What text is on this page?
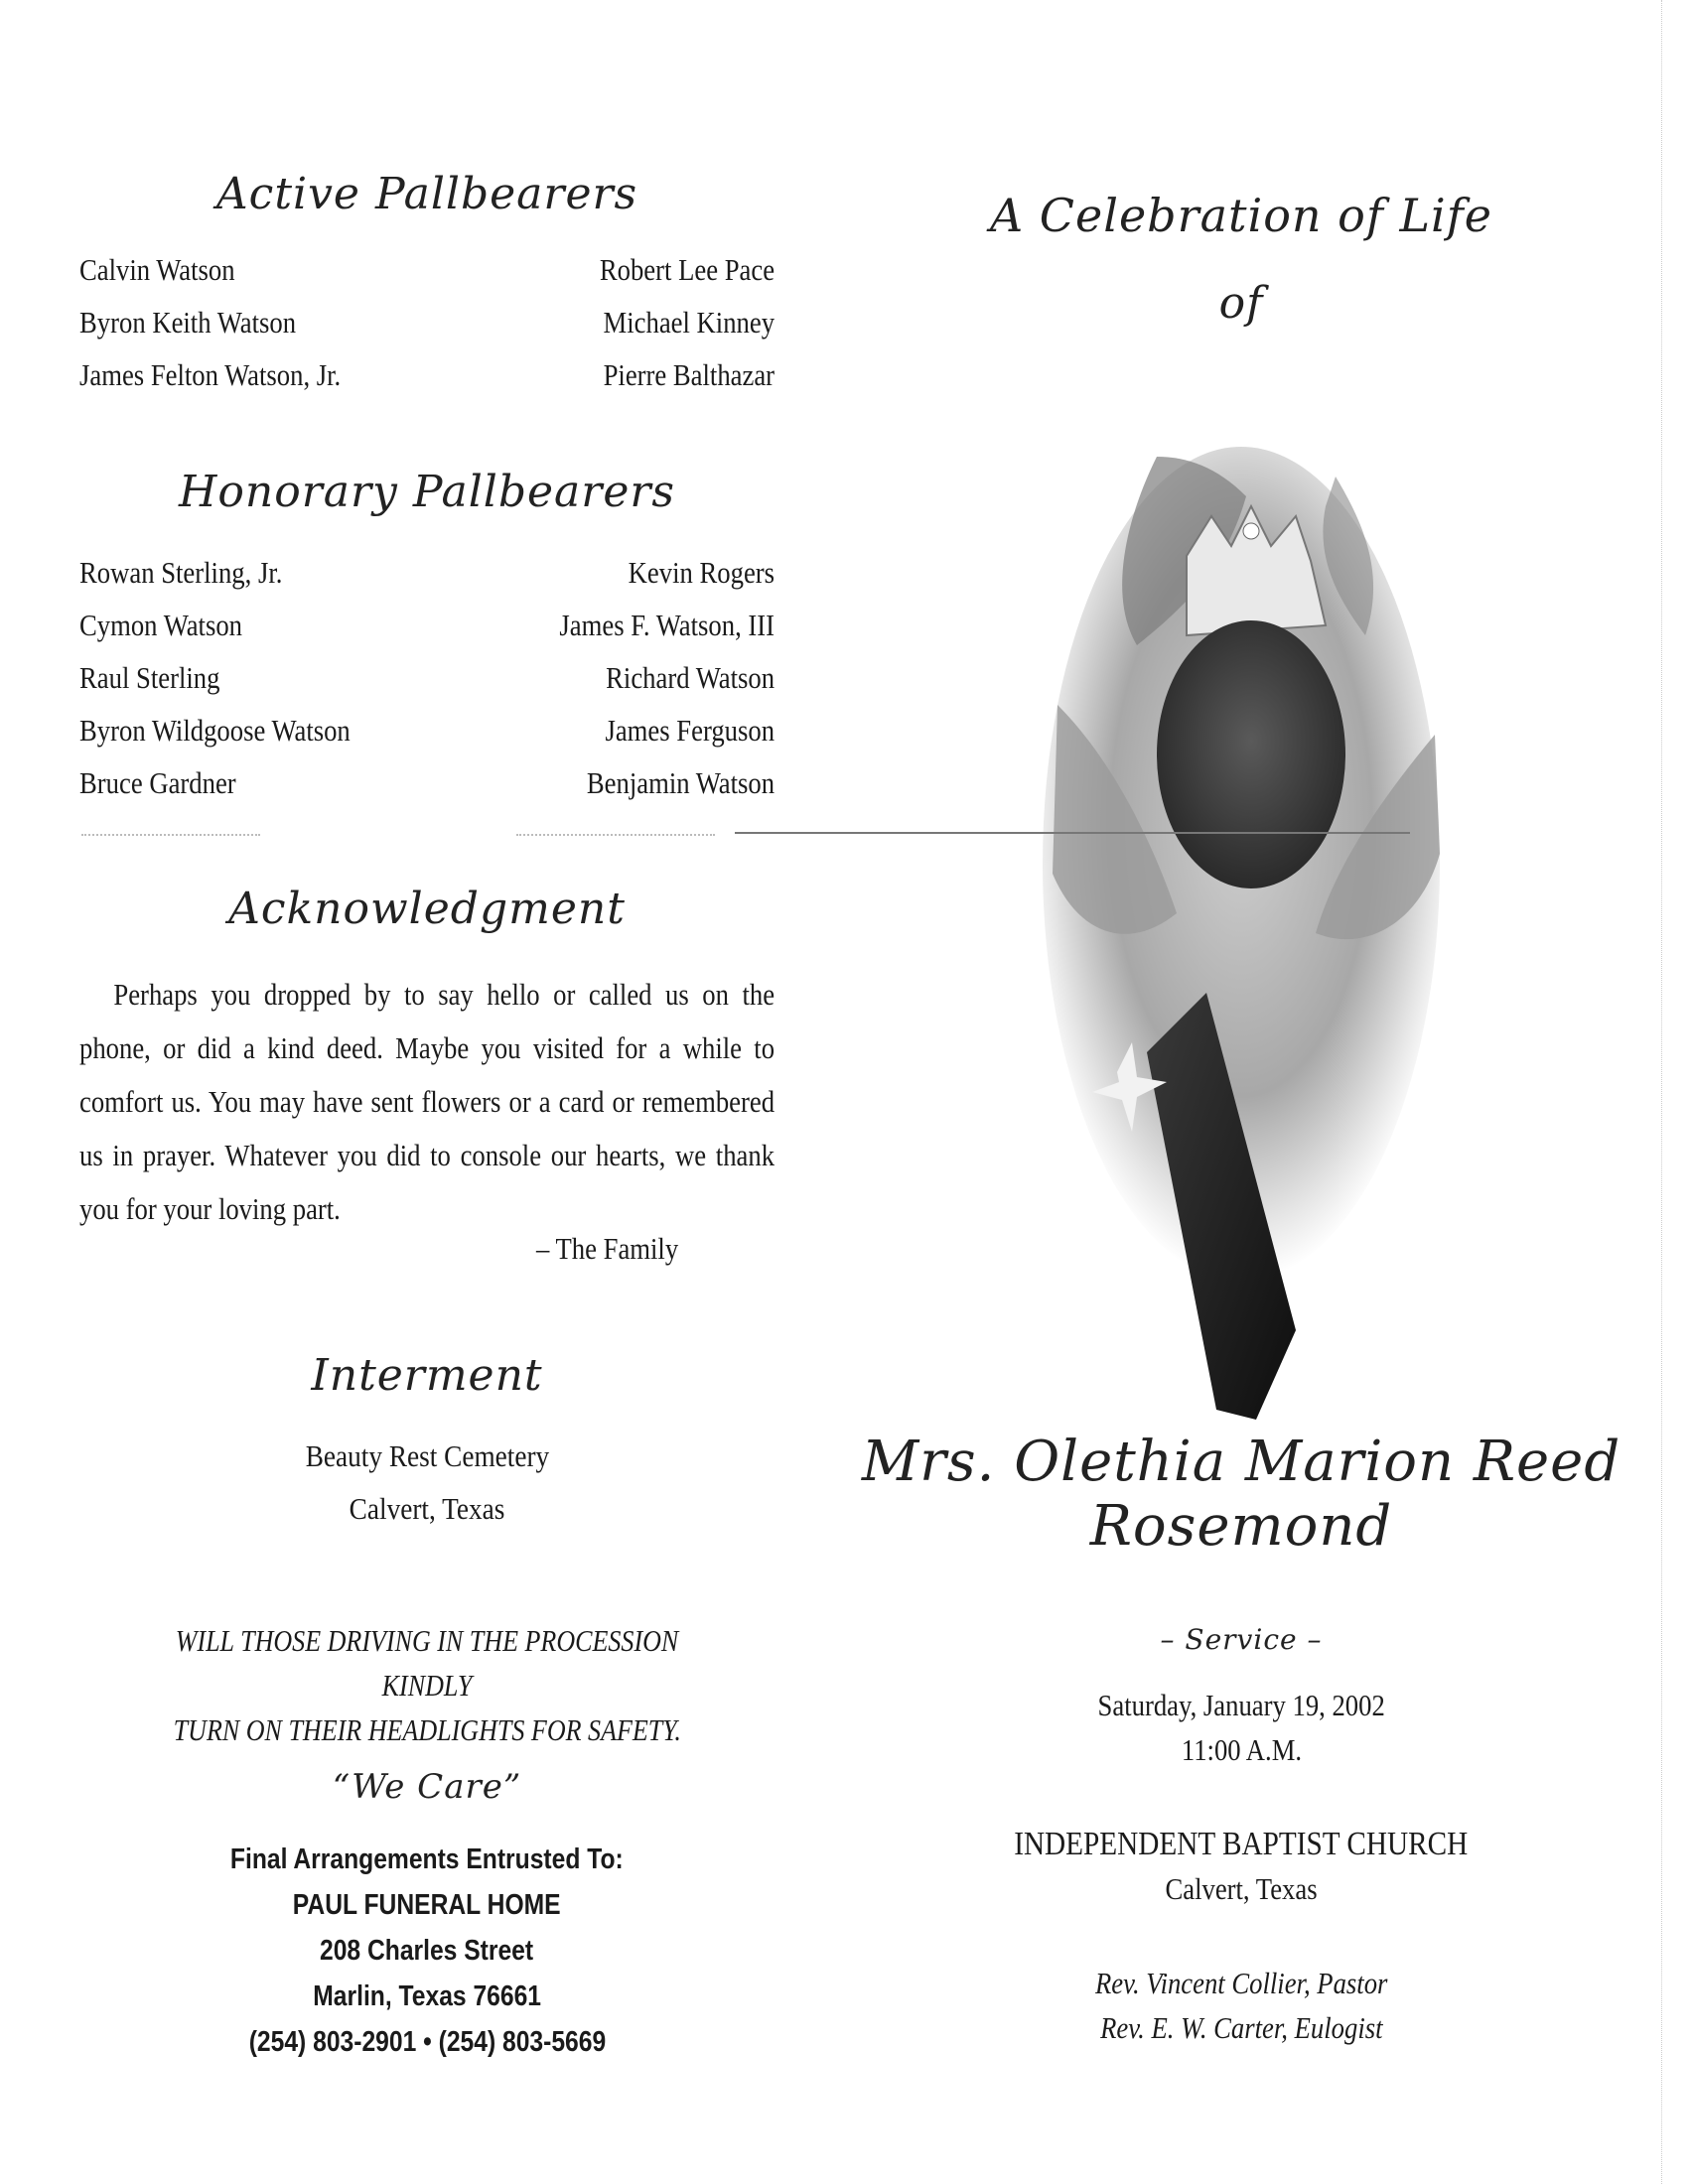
Active Pallbearers
Calvin Watson	Robert Lee Pace
Byron Keith Watson	Michael Kinney
James Felton Watson, Jr.	Pierre Balthazar
Honorary Pallbearers
Rowan Sterling, Jr.	Kevin Rogers
Cymon Watson	James F. Watson, III
Raul Sterling	Richard Watson
Byron Wildgoose Watson	James Ferguson
Bruce Gardner	Benjamin Watson
Acknowledgment
Perhaps you dropped by to say hello or called us on the phone, or did a kind deed. Maybe you visited for a while to comfort us. You may have sent flowers or a card or remembered us in prayer. Whatever you did to console our hearts, we thank you for your loving part.
– The Family
Interment
Beauty Rest Cemetery
Calvert, Texas
WILL THOSE DRIVING IN THE PROCESSION KINDLY
TURN ON THEIR HEADLIGHTS FOR SAFETY.
“We Care”
Final Arrangements Entrusted To:
PAUL FUNERAL HOME
208 Charles Street
Marlin, Texas 76661
(254) 803-2901 • (254) 803-5669
A Celebration of Life
of
Mrs. Olethia Marion Reed Rosemond
– Service –
Saturday, January 19, 2002
11:00 A.M.
INDEPENDENT BAPTIST CHURCH
Calvert, Texas
Rev. Vincent Collier, Pastor
Rev. E. W. Carter, Eulogist
